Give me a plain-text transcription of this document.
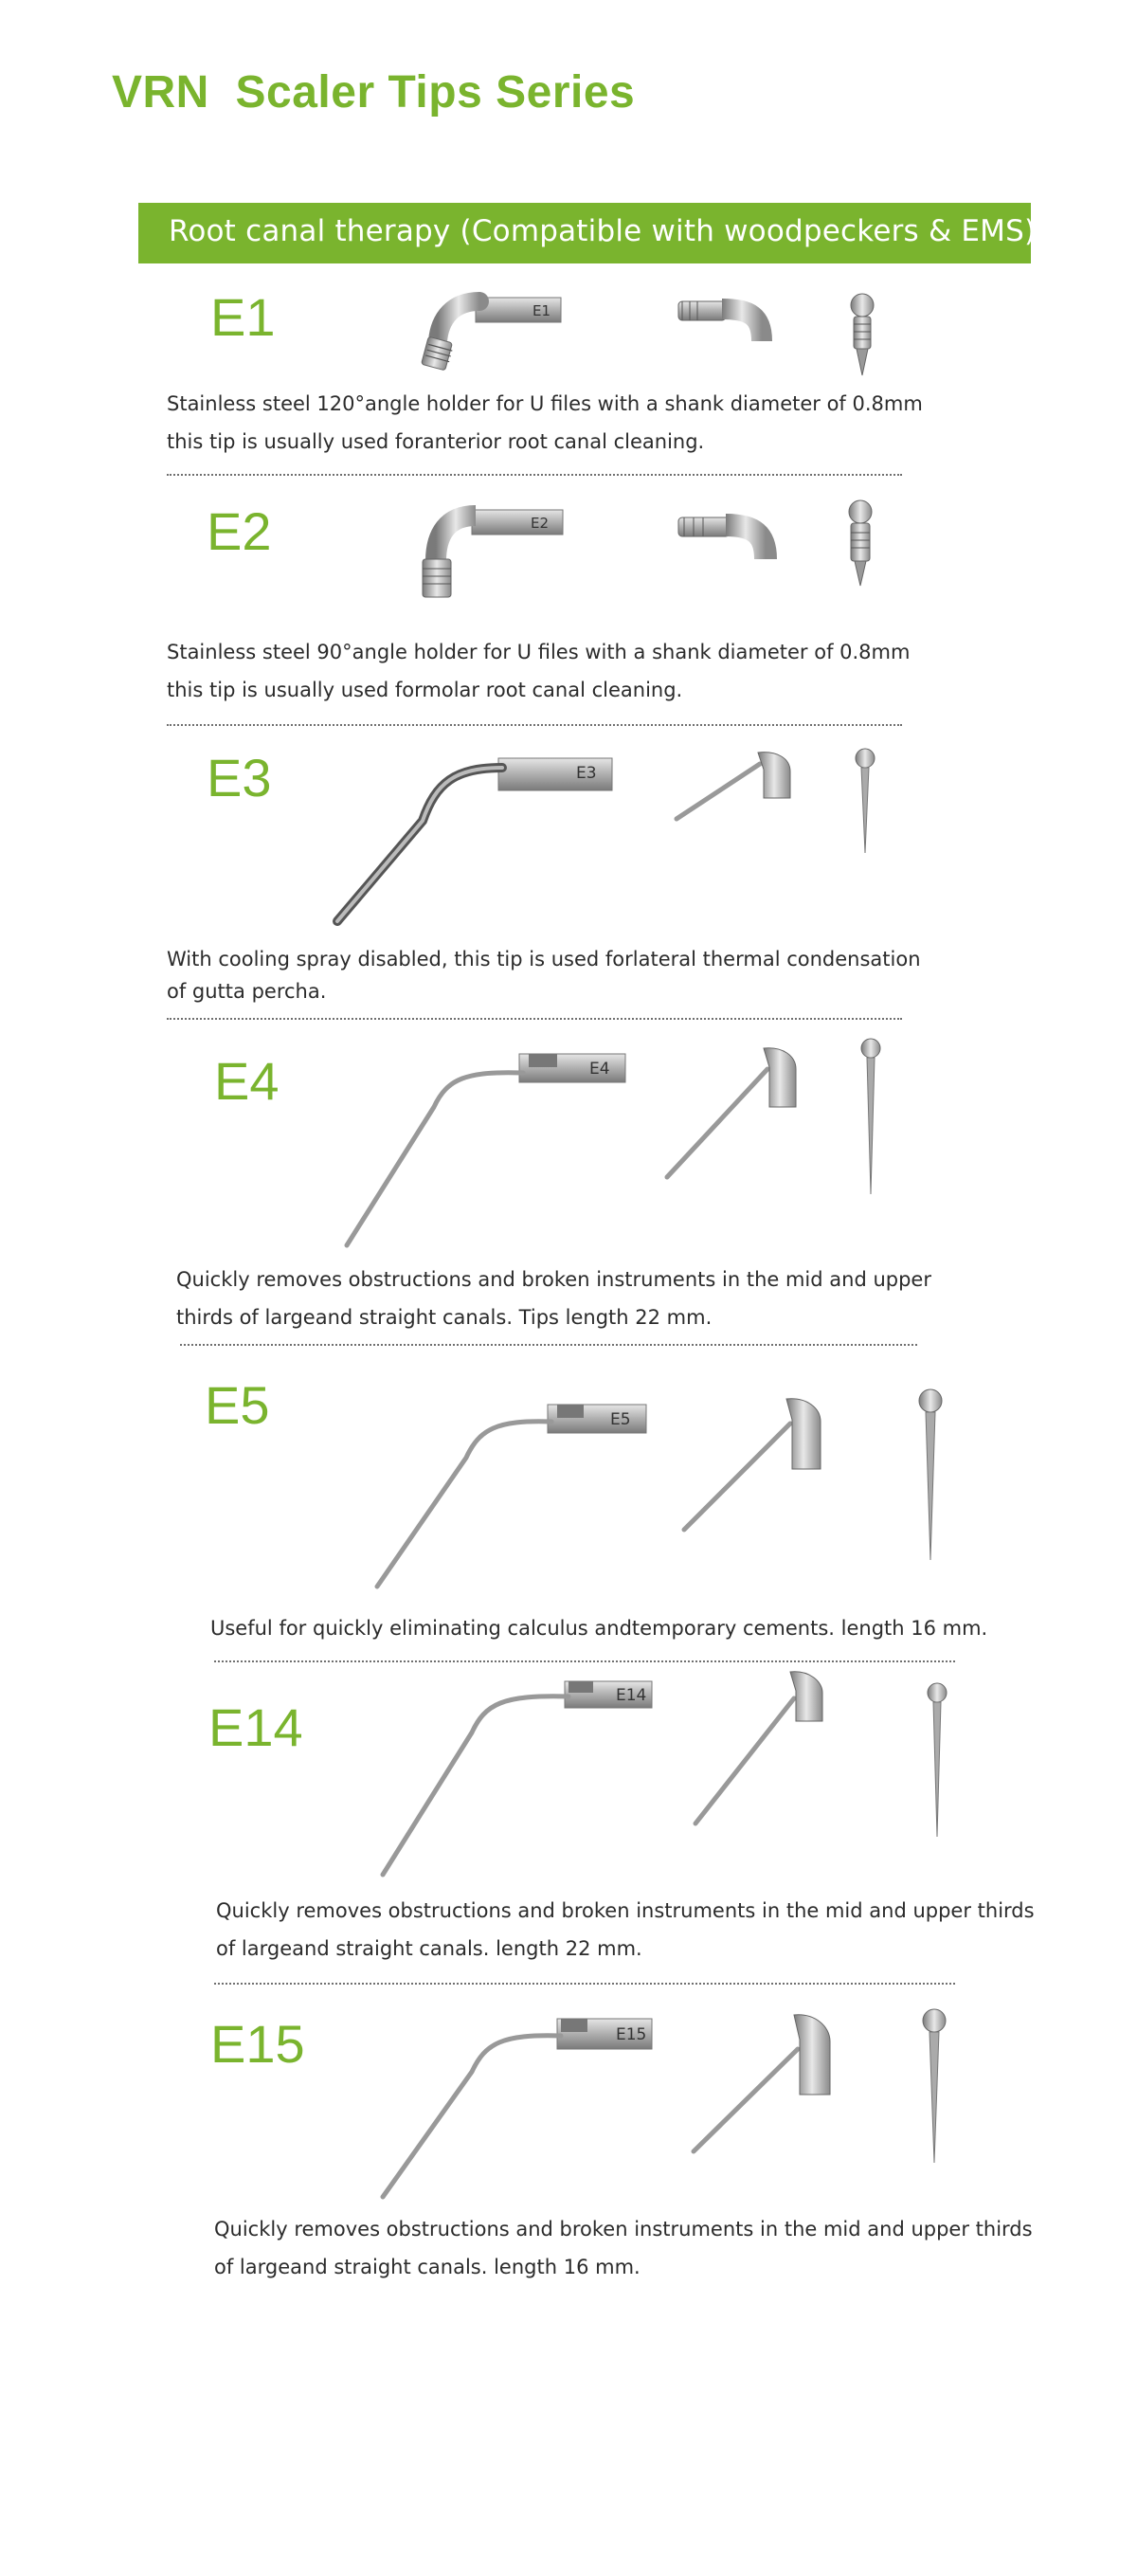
VRN  Scaler Tips Series
Root canal therapy (Compatible with woodpeckers & EMS)
E1	E1
Stainless steel 120°angle holder for U files with a shank diameter of 0.8mm
this tip is usually used foranterior root canal cleaning.
E2	E2
Stainless steel 90°angle holder for U files with a shank diameter of 0.8mm
this tip is usually used formolar root canal cleaning.
E3	E3
With cooling spray disabled, this tip is used forlateral thermal condensation
of gutta percha.
E4	E4
Quickly removes obstructions and broken instruments in the mid and upper
thirds of largeand straight canals. Tips length 22 mm.
E5	E5
Useful for quickly eliminating calculus andtemporary cements. length 16 mm.
E14
E14
Quickly removes obstructions and broken instruments in the mid and upper thirds
of largeand straight canals. length 22 mm.
E15	E15
Quickly removes obstructions and broken instruments in the mid and upper thirds
of largeand straight canals. length 16 mm.
